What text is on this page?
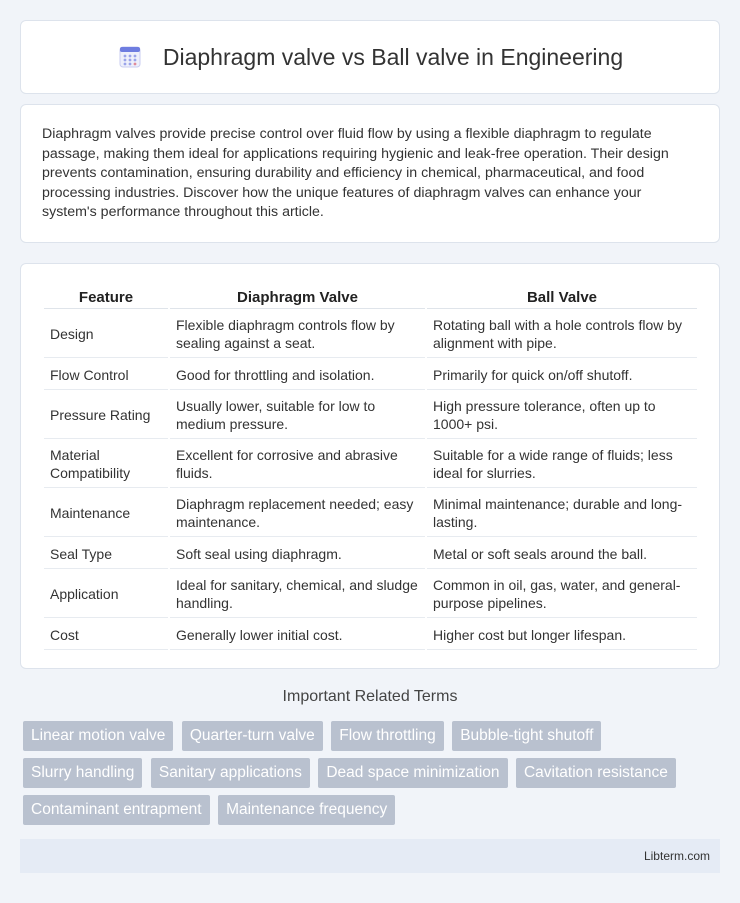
Diaphragm valve vs Ball valve in Engineering

Diaphragm valves provide precise control over fluid flow by using a flexible diaphragm to regulate passage, making them ideal for applications requiring hygienic and leak-free operation. Their design prevents contamination, ensuring durability and efficiency in chemical, pharmaceutical, and food processing industries. Discover how the unique features of diaphragm valves can enhance your system's performance throughout this article.

Feature	Diaphragm Valve	Ball Valve
Design	Flexible diaphragm controls flow by sealing against a seat.	Rotating ball with a hole controls flow by alignment with pipe.
Flow Control	Good for throttling and isolation.	Primarily for quick on/off shutoff.
Pressure Rating	Usually lower, suitable for low to medium pressure.	High pressure tolerance, often up to 1000+ psi.
Material Compatibility	Excellent for corrosive and abrasive fluids.	Suitable for a wide range of fluids; less ideal for slurries.
Maintenance	Diaphragm replacement needed; easy maintenance.	Minimal maintenance; durable and long-lasting.
Seal Type	Soft seal using diaphragm.	Metal or soft seals around the ball.
Application	Ideal for sanitary, chemical, and sludge handling.	Common in oil, gas, water, and general-purpose pipelines.
Cost	Generally lower initial cost.	Higher cost but longer lifespan.
Important Related Terms
Linear motion valve Quarter-turn valve Flow throttling Bubble-tight shutoff Slurry handling Sanitary applications Dead space minimization Cavitation resistance Contaminant entrapment Maintenance frequency
Libterm.com
